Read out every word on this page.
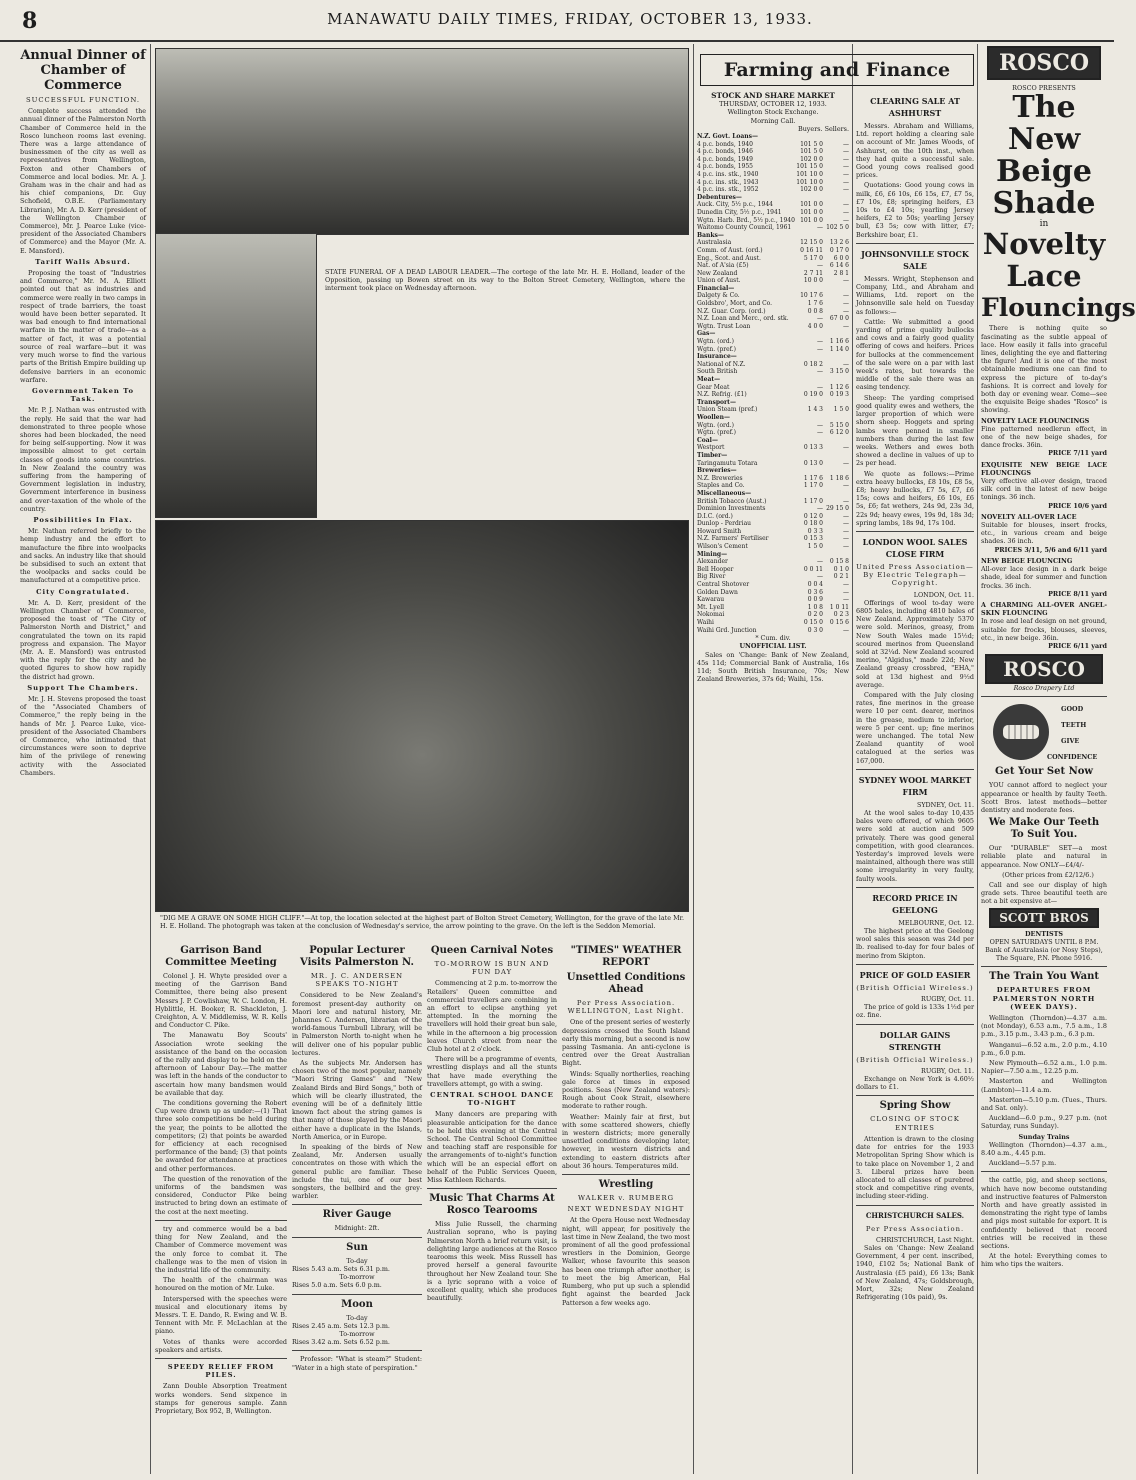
8	MANAWATU DAILY TIMES, FRIDAY, OCTOBER 13, 1933.
Annual Dinner of Chamber of Commerce
SUCCESSFUL FUNCTION.

Complete success attended the annual dinner of the Palmerston North Chamber of Commerce held in the Rosco luncheon rooms last evening. There was a large attendance of businessmen of the city as well as representatives from Wellington, Foxton and other Chambers of Commerce and local bodies. Mr. A. J. Graham was in the chair and had as his chief companions, Dr. Guy Schofield, O.B.E. (Parliamentary Librarian), Mr. A. D. Kerr (president of the Wellington Chamber of Commerce), Mr. J. Pearce Luke (vice-president of the Associated Chambers of Commerce) and the Mayor (Mr. A. E. Mansford).

Tariff Walls Absurd.

Proposing the toast of "Industries and Commerce," Mr. M. A. Elliott pointed out that as industries and commerce were really in two camps in respect of trade barriers, the toast would have been better separated. It was bad enough to find international warfare in the matter of trade—as a matter of fact, it was a potential source of real warfare—but it was very much worse to find the various parts of the British Empire building up defensive barriers in an economic warfare.

Government Taken To Task.

Mr. P. J. Nathan was entrusted with the reply. He said that the war had demonstrated to three people whose shores had been blockaded, the need for being self-supporting. Now it was impossible almost to get certain classes of goods into some countries. In New Zealand the country was suffering from the hampering of Government legislation in industry, Government interference in business and over-taxation of the whole of the country.

Possibilities In Flax.

Mr. Nathan referred briefly to the hemp industry and the effort to manufacture the fibre into woolpacks and sacks. An industry like that should be subsidised to such an extent that the woolpacks and sacks could be manufactured at a competitive price.

City Congratulated.

Mr. A. D. Kerr, president of the Wellington Chamber of Commerce, proposed the toast of "The City of Palmerston North and District," and congratulated the town on its rapid progress and expansion. The Mayor (Mr. A. E. Mansford) was entrusted with the reply for the city and he quoted figures to show how rapidly the district had grown.

Support The Chambers.

Mr. J. H. Stevens proposed the toast of the "Associated Chambers of Commerce," the reply being in the hands of Mr. J. Pearce Luke, vice-president of the Associated Chambers of Commerce, who intimated that circumstances were soon to deprive him of the privilege of renewing activity with the Associated Chambers.

STATE FUNERAL OF A DEAD LABOUR LEADER.—The cortege of the late Mr. H. E. Holland, leader of the Opposition, passing up Bowen street on its way to the Bolton Street Cemetery, Wellington, where the interment took place on Wednesday afternoon.
"DIG ME A GRAVE ON SOME HIGH CLIFF."—At top, the location selected at the highest part of Bolton Street Cemetery, Wellington, for the grave of the late Mr. H. E. Holland. The photograph was taken at the conclusion of Wednesday's service, the arrow pointing to the grave. On the left is the Seddon Memorial.
Garrison Band Committee Meeting

Colonel J. H. Whyte presided over a meeting of the Garrison Band Committee, there being also present Messrs J. P. Cowlishaw, W. C. London, H. Hyblittle, H. Booker, R. Shackleton, J. Creighton, A. V. Middlemiss, W. R. Kells and Conductor C. Pike.

The Manawatu Boy Scouts' Association wrote seeking the assistance of the band on the occasion of the rally and display to be held on the afternoon of Labour Day.—The matter was left in the hands of the conductor to ascertain how many bandsmen would be available that day.

The conditions governing the Robert Cup were drawn up as under:—(1) That three solo competitions be held during the year, the points to be allotted the competitors; (2) that points be awarded for efficiency at each recognised performance of the band; (3) that points be awarded for attendance at practices and other performances.

The question of the renovation of the uniforms of the bandsmen was considered, Conductor Pike being instructed to bring down an estimate of the cost at the next meeting.

try and commerce would be a bad thing for New Zealand, and the Chamber of Commerce movement was the only force to combat it. The challenge was to the men of vision in the industrial life of the community.

The health of the chairman was honoured on the motion of Mr. Luke.

Interspersed with the speeches were musical and elocutionary items by Messrs. T. E. Dando, R. Ewing and W. B. Tennent with Mr. F. McLachlan at the piano.

Votes of thanks were accorded speakers and artists.

SPEEDY RELIEF FROM PILES.

Zann Double Absorption Treatment works wonders. Send sixpence in stamps for generous sample. Zann Proprietary, Box 952, B, Wellington.

Popular Lecturer Visits Palmerston N.
MR. J. C. ANDERSEN SPEAKS TO-NIGHT

Considered to be New Zealand's foremost present-day authority on Maori lore and natural history, Mr. Johannes C. Andersen, librarian of the world-famous Turnbull Library, will be in Palmerston North to-night when he will deliver one of his popular public lectures.

As the subjects Mr. Andersen has chosen two of the most popular, namely "Maori String Games" and "New Zealand Birds and Bird Songs," both of which will be clearly illustrated, the evening will be of a definitely little known fact about the string games is that many of those played by the Maori either have a duplicate in the Islands, North America, or in Europe.

In speaking of the birds of New Zealand, Mr. Andersen usually concentrates on those with which the general public are familiar. These include the tui, one of our best songsters, the bellbird and the grey-warbler.

River Gauge
Midnight: 2ft.
Sun
To-day
Rises 5.43 a.m. Sets 6.31 p.m.
To-morrow
Rises 5.0 a.m. Sets 6.0 p.m.
Moon
To-day
Rises 2.45 a.m. Sets 12.3 p.m.
To-morrow
Rises 3.42 a.m. Sets 6.52 p.m.

Professor: "What is steam?" Student: "Water in a high state of perspiration."

Queen Carnival Notes
TO-MORROW IS BUN AND FUN DAY

Commencing at 2 p.m. to-morrow the Retailers' Queen committee and commercial travellers are combining in an effort to eclipse anything yet attempted. In the morning the travellers will hold their great bun sale, while in the afternoon a big procession leaves Church street from near the Club hotel at 2 o'clock.

There will be a programme of events, wrestling displays and all the stunts that have made everything the travellers attempt, go with a swing.

CENTRAL SCHOOL DANCE TO-NIGHT

Many dancers are preparing with pleasurable anticipation for the dance to be held this evening at the Central School. The Central School Committee and teaching staff are responsible for the arrangements of to-night's function which will be an especial effort on behalf of the Public Services Queen, Miss Kathleen Richards.

Music That Charms At Rosco Tearooms

Miss Julie Russell, the charming Australian soprano, who is paying Palmerston North a brief return visit, is delighting large audiences at the Rosco tearooms this week. Miss Russell has proved herself a general favourite throughout her New Zealand tour. She is a lyric soprano with a voice of excellent quality, which she produces beautifully.

"TIMES" WEATHER REPORT
Unsettled Conditions Ahead
Per Press Association. WELLINGTON, Last Night.

One of the present series of westerly depressions crossed the South Island early this morning, but a second is now passing Tasmania. An anti-cyclone is centred over the Great Australian Bight.

Winds: Squally northerlies, reaching gale force at times in exposed positions. Seas (New Zealand waters): Rough about Cook Strait, elsewhere moderate to rather rough.

Weather: Mainly fair at first, but with some scattered showers, chiefly in western districts; more generally unsettled conditions developing later, however, in western districts and extending to eastern districts after about 36 hours. Temperatures mild.

Wrestling
WALKER v. RUMBERG
NEXT WEDNESDAY NIGHT

At the Opera House next Wednesday night, will appear, for positively the last time in New Zealand, the two most prominent of all the good professional wrestlers in the Dominion, George Walker, whose favourite this season has been one triumph after another, is to meet the big American, Hal Rumberg, who put up such a splendid fight against the bearded Jack Patterson a few weeks ago.

Farming and Finance
STOCK AND SHARE MARKET
THURSDAY, OCTOBER 12, 1933.
Wellington Stock Exchange.
Morning Call.
Buyers. Sellers.
N.Z. Govt. Loans—		
4 p.c. bonds, 1940	101 5 0	—
4 p.c. bonds, 1946	101 5 0	—
4 p.c. bonds, 1949	102 0 0	—
4 p.c. bonds, 1955	101 15 0	—
4 p.c. ins. stk., 1940	101 10 0	—
4 p.c. ins. stk., 1943	101 10 0	—
4 p.c. ins. stk., 1952	102 0 0	—
Debentures—		
Auck. City, 5½ p.c., 1944	101 0 0	—
Dunedin City, 5½ p.c., 1941	101 0 0	—
Wgtn. Harb. Brd., 5½ p.c., 1940	101 0 0	—
Waitomo County Council, 1961	—	102 5 0
Banks—		
Australasia	12 15 0	13 2 6
Comm. of Aust. (ord.)	0 16 11	0 17 0
Eng., Scot. and Aust.	5 17 0	6 0 0
Nat. of A'sia (£5)	—	6 14 6
New Zealand	2 7 11	2 8 1
Union of Aust.	10 0 0	—
Financial—		
Dalgety & Co.	10 17 6	—
Goldsbro', Mort, and Co.	1 7 6	—
N.Z. Guar. Corp. (ord.)	0 0 8	—
N.Z. Loan and Merc., ord. stk.	—	67 0 0
Wgtn. Trust Loan	4 0 0	—
Gas—		
Wgtn. (ord.)	—	1 16 6
Wgtn. (pref.)	—	1 14 0
Insurance—		
National of N.Z.	0 18 2	—
South British	—	3 15 0
Meat—		
Gear Meat	—	1 12 6
N.Z. Refrig. (£1)	0 19 0	0 19 3
Transport—		
Union Steam (pref.)	1 4 3	1 5 0
Woollen—		
Wgtn. (ord.)	—	5 15 0
Wgtn. (pref.)	—	6 12 0
Coal—		
Westport	0 13 3	—
Timber—		
Taringamutu Totara	0 13 0	—
Breweries—		
N.Z. Breweries	1 17 6	1 18 6
Staples and Co.	1 17 0	—
Miscellaneous—		
British Tobacco (Aust.)	1 17 0	—
Dominion Investments	—	29 15 0
D.I.C. (ord.)	0 12 0	—
Dunlop - Perdriau	0 18 0	—
Howard Smith	0 3 3	—
N.Z. Farmers' Fertiliser	0 15 3	—
Wilson's Cement	1 5 0	—
Mining—		
Alexander	—	0 15 8
Bell Hooper	0 0 11	0 1 0
Big River	—	0 2 1
Central Shotover	0 0 4	—
Golden Dawn	0 3 6	—
Kawarau	0 0 9	—
Mt. Lyell	1 0 8	1 0 11
Nokomai	0 2 0	0 2 3
Waihi	0 15 0	0 15 6
Waihi Grd. Junction	0 3 0	—
* Cum. div.
UNOFFICIAL LIST.

Sales on 'Change: Bank of New Zealand, 45s 11d; Commercial Bank of Australia, 16s 11d; South British Insurance, 70s; New Zealand Breweries, 37s 6d; Waihi, 15s.

CLEARING SALE AT ASHHURST

Messrs. Abraham and Williams, Ltd. report holding a clearing sale on account of Mr. James Woods, of Ashhurst, on the 10th inst., when they had quite a successful sale. Good young cows realised good prices.

Quotations: Good young cows in milk, £6, £6 10s, £6 15s, £7, £7 5s, £7 10s, £8; springing heifers, £3 10s to £4 10s; yearling Jersey heifers, £2 to 50s; yearling Jersey bull, £3 5s; cow with litter, £7; Berkshire boar, £1.

JOHNSONVILLE STOCK SALE

Messrs. Wright, Stephenson and Company, Ltd., and Abraham and Williams, Ltd. report on the Johnsonville sale held on Tuesday as follows:—

Cattle: We submitted a good yarding of prime quality bullocks and cows and a fairly good quality offering of cows and heifers. Prices for bullocks at the commencement of the sale were on a par with last week's rates, but towards the middle of the sale there was an easing tendency.

Sheep: The yarding comprised good quality ewes and wethers, the larger proportion of which were shorn sheep. Hoggets and spring lambs were penned in smaller numbers than during the last few weeks. Wethers and ewes both showed a decline in values of up to 2s per head.

We quote as follows:—Prime extra heavy bullocks, £8 10s, £8 5s, £8; heavy bullocks, £7 5s, £7, £6 15s; cows and heifers, £6 10s, £6 5s, £6; fat wethers, 24s 9d, 23s 3d, 22s 9d; heavy ewes, 19s 9d, 18s 3d; spring lambs, 18s 9d, 17s 10d.

LONDON WOOL SALES CLOSE FIRM
United Press Association—By Electric Telegraph—Copyright.
LONDON, Oct. 11.

Offerings of wool to-day were 6805 bales, including 4810 bales of New Zealand. Approximately 5370 were sold. Merinos, greasy, from New South Wales made 15½d; scoured merinos from Queensland sold at 32¼d. New Zealand scoured merino, "Algidus," made 22d; New Zealand greasy crossbred, "EHA," sold at 13d highest and 9½d average.

Compared with the July closing rates, fine merinos in the grease were 10 per cent. dearer, merinos in the grease, medium to inferior, were 5 per cent. up; fine merinos were unchanged. The total New Zealand quantity of wool catalogued at the series was 167,000.

SYDNEY WOOL MARKET FIRM
SYDNEY, Oct. 11.

At the wool sales to-day 10,435 bales were offered, of which 9605 were sold at auction and 509 privately. There was good general competition, with good clearances. Yesterday's improved levels were maintained, although there was still some irregularity in very faulty, faulty wools.

RECORD PRICE IN GEELONG
MELBOURNE, Oct. 12.

The highest price at the Geelong wool sales this season was 24d per lb. realised to-day for four bales of merino from Skipton.

PRICE OF GOLD EASIER
(British Official Wireless.)
RUGBY, Oct. 11.

The price of gold is 133s 1½d per oz. fine.

DOLLAR GAINS STRENGTH
(British Official Wireless.)
RUGBY, Oct. 11.

Exchange on New York is 4.60½ dollars to £1.

Spring Show
CLOSING OF STOCK ENTRIES

Attention is drawn to the closing date for entries for the 1933 Metropolitan Spring Show which is to take place on November 1, 2 and 3. Liberal prizes have been allocated to all classes of purebred stock and competitive ring events, including steer-riding.

CHRISTCHURCH SALES.
Per Press Association.
CHRISTCHURCH, Last Night.

Sales on 'Change: New Zealand Government, 4 per cent. inscribed, 1940, £102 5s; National Bank of Australasia (£5 paid), £6 13s; Bank of New Zealand, 47s; Goldsbrough, Mort, 32s; New Zealand Refrigerating (10s paid), 9s.

ROSCO
ROSCO PRESENTS
The New
Beige
Shade
in
Novelty
Lace
Flouncings

There is nothing quite so fascinating as the subtle appeal of lace. How easily it falls into graceful lines, delighting the eye and flattering the figure! And it is one of the most obtainable mediums one can find to express the picture of to-day's fashions. It is correct and lovely for both day or evening wear. Come—see the exquisite Beige shades "Rosco" is showing.

NOVELTY LACE FLOUNCINGS
Fine patterned needlerun effect, in one of the new beige shades, for dance frocks. 36in.
PRICE 7/11 yard
EXQUISITE NEW BEIGE LACE FLOUNCINGS
Very effective all-over design, traced silk cord in the latest of new beige tonings. 36 inch.
PRICE 10/6 yard
NOVELTY ALL-OVER LACE
Suitable for blouses, insert frocks, etc., in various cream and beige shades. 36 inch.
PRICES 3/11, 5/6 and 6/11 yard
NEW BEIGE FLOUNCING
All-over lace design in a dark beige shade, ideal for summer and function frocks. 36 inch.
PRICE 8/11 yard
A CHARMING ALL-OVER ANGEL-SKIN FLOUNCING
In rose and leaf design on net ground, suitable for frocks, blouses, sleeves, etc., in new beige. 36in.
PRICE 6/11 yard
ROSCO
Rosco Drapery Ltd
GOOD
TEETH
GIVE
CONFIDENCE
Get Your Set Now

YOU cannot afford to neglect your appearance or health by faulty Teeth. Scott Bros. latest methods—better dentistry and moderate fees.

We Make Our Teeth To Suit You.

Our "DURABLE" SET—a most reliable plate and natural in appearance. Now ONLY—£4/4/-

(Other prices from £2/12/6.)

Call and see our display of high grade sets. Three beautiful teeth are not a bit expensive at—

SCOTT BROS
DENTISTS
OPEN SATURDAYS UNTIL 8 P.M.
Bank of Australasia (or Nosy Steps), The Square, P.N. Phone 5916.
The Train You Want
DEPARTURES FROM PALMERSTON NORTH (WEEK DAYS).

Wellington (Thorndon)—4.37 a.m. (not Monday), 6.53 a.m., 7.5 a.m., 1.8 p.m., 3.15 p.m., 3.43 p.m., 6.3 p.m.

Wanganui—6.52 a.m., 2.0 p.m., 4.10 p.m., 6.0 p.m.

New Plymouth—6.52 a.m., 1.0 p.m. Napier—7.50 a.m., 12.25 p.m.

Masterton and Wellington (Lambton)—11.4 a.m.

Masterton—5.10 p.m. (Tues., Thurs. and Sat. only).

Auckland—6.0 p.m., 9.27 p.m. (not Saturday, runs Sunday).

Sunday Trains

Wellington (Thorndon)—4.37 a.m., 8.40 a.m., 4.45 p.m.

Auckland—5.57 p.m.

the cattle, pig, and sheep sections, which have now become outstanding and instructive features of Palmerston North and have greatly assisted in demonstrating the right type of lambs and pigs most suitable for export. It is confidently believed that record entries will be received in these sections.

At the hotel: Everything comes to him who tips the waiters.
